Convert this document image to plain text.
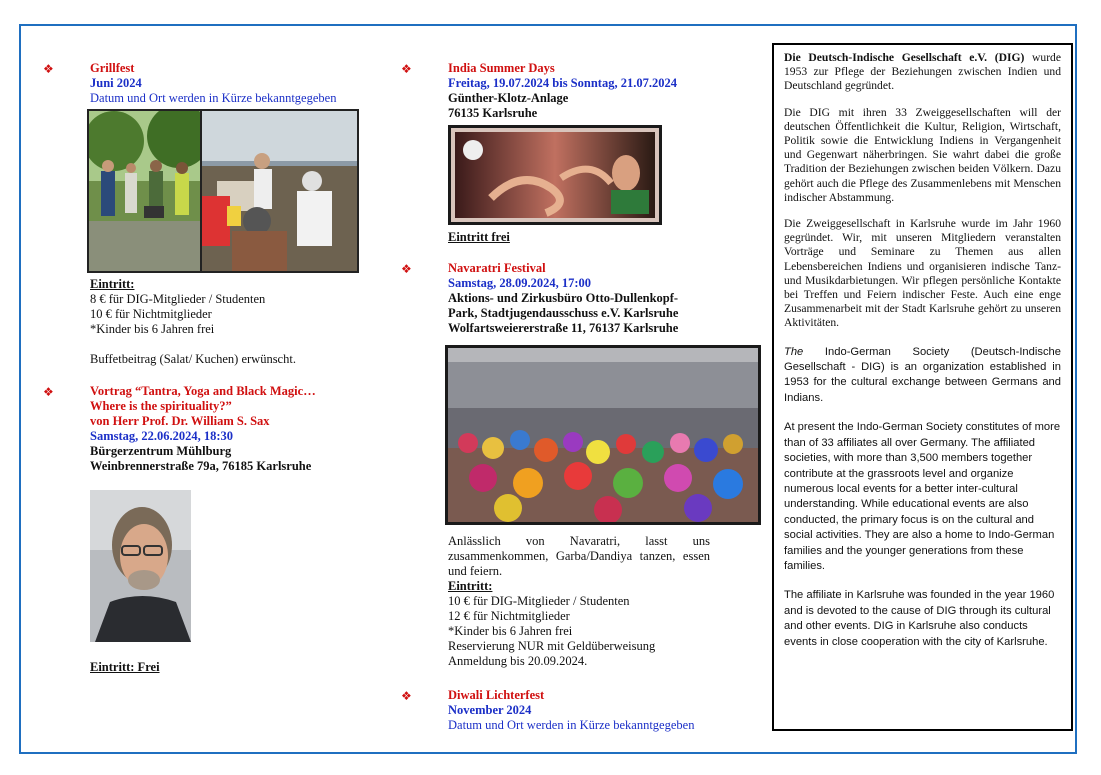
❖	Grillfest
Juni 2024
Datum und Ort werden in Kürze bekanntgegeben
Eintritt:
8 € für DIG-Mitglieder / Studenten
10 € für Nichtmitglieder
*Kinder bis 6 Jahren frei
Buffetbeitrag (Salat/ Kuchen) erwünscht.
❖	Vortrag “Tantra, Yoga and Black Magic…
Where is the spirituality?”
von Herr Prof. Dr. William S. Sax
Samstag, 22.06.2024, 18:30
Bürgerzentrum Mühlburg
Weinbrennerstraße 79a, 76185 Karlsruhe
Eintritt: Frei
❖	India Summer Days
Freitag, 19.07.2024 bis Sonntag, 21.07.2024
Günther-Klotz-Anlage
76135 Karlsruhe
Eintritt frei
❖	Navaratri Festival
Samstag, 28.09.2024, 17:00
Aktions- und Zirkusbüro Otto-Dullenkopf-
Park, Stadtjugendausschuss e.V. Karlsruhe
Wolfartsweiererstraße 11, 76137 Karlsruhe
Anlässlich von Navaratri, lasst uns zusammenkommen, Garba/Dandiya tanzen, essen und feiern.
Eintritt:
10 € für DIG-Mitglieder / Studenten
12 € für Nichtmitglieder
*Kinder bis 6 Jahren frei
Reservierung NUR mit Geldüberweisung
Anmeldung bis 20.09.2024.
❖	Diwali Lichterfest
November 2024
Datum und Ort werden in Kürze bekanntgegeben

Die Deutsch-Indische Gesellschaft e.V. (DIG) wurde 1953 zur Pflege der Beziehungen zwischen Indien und Deutschland gegründet.

Die DIG mit ihren 33 Zweiggesellschaften will der deutschen Öffentlichkeit die Kultur, Religion, Wirtschaft, Politik sowie die Entwicklung Indiens in Vergangenheit und Gegenwart näherbringen. Sie wahrt dabei die große Tradition der Beziehungen zwischen beiden Völkern. Dazu gehört auch die Pflege des Zusammenlebens mit Menschen indischer Abstammung.

Die Zweiggesellschaft in Karlsruhe wurde im Jahr 1960 gegründet. Wir, mit unseren Mitgliedern veranstalten Vorträge und Seminare zu Themen aus allen Lebensbereichen Indiens und organisieren indische Tanz- und Musikdarbietungen. Wir pflegen persönliche Kontakte bei Treffen und Feiern indischer Feste. Auch eine enge Zusammenarbeit mit der Stadt Karlsruhe gehört zu unseren Aktivitäten.

The Indo-German Society (Deutsch-Indische Gesellschaft - DIG) is an organization established in 1953 for the cultural exchange between Germans and Indians.

At present the Indo-German Society constitutes of more than of 33 affiliates all over Germany. The affiliated societies, with more than 3,500 members together contribute at the grassroots level and organize numerous local events for a better inter-cultural understanding. While educational events are also conducted, the primary focus is on the cultural and social activities. They are also a home to Indo-German families and the younger generations from these families.

The affiliate in Karlsruhe was founded in the year 1960 and is devoted to the cause of DIG through its cultural and other events. DIG in Karlsruhe also conducts events in close cooperation with the city of Karlsruhe.
